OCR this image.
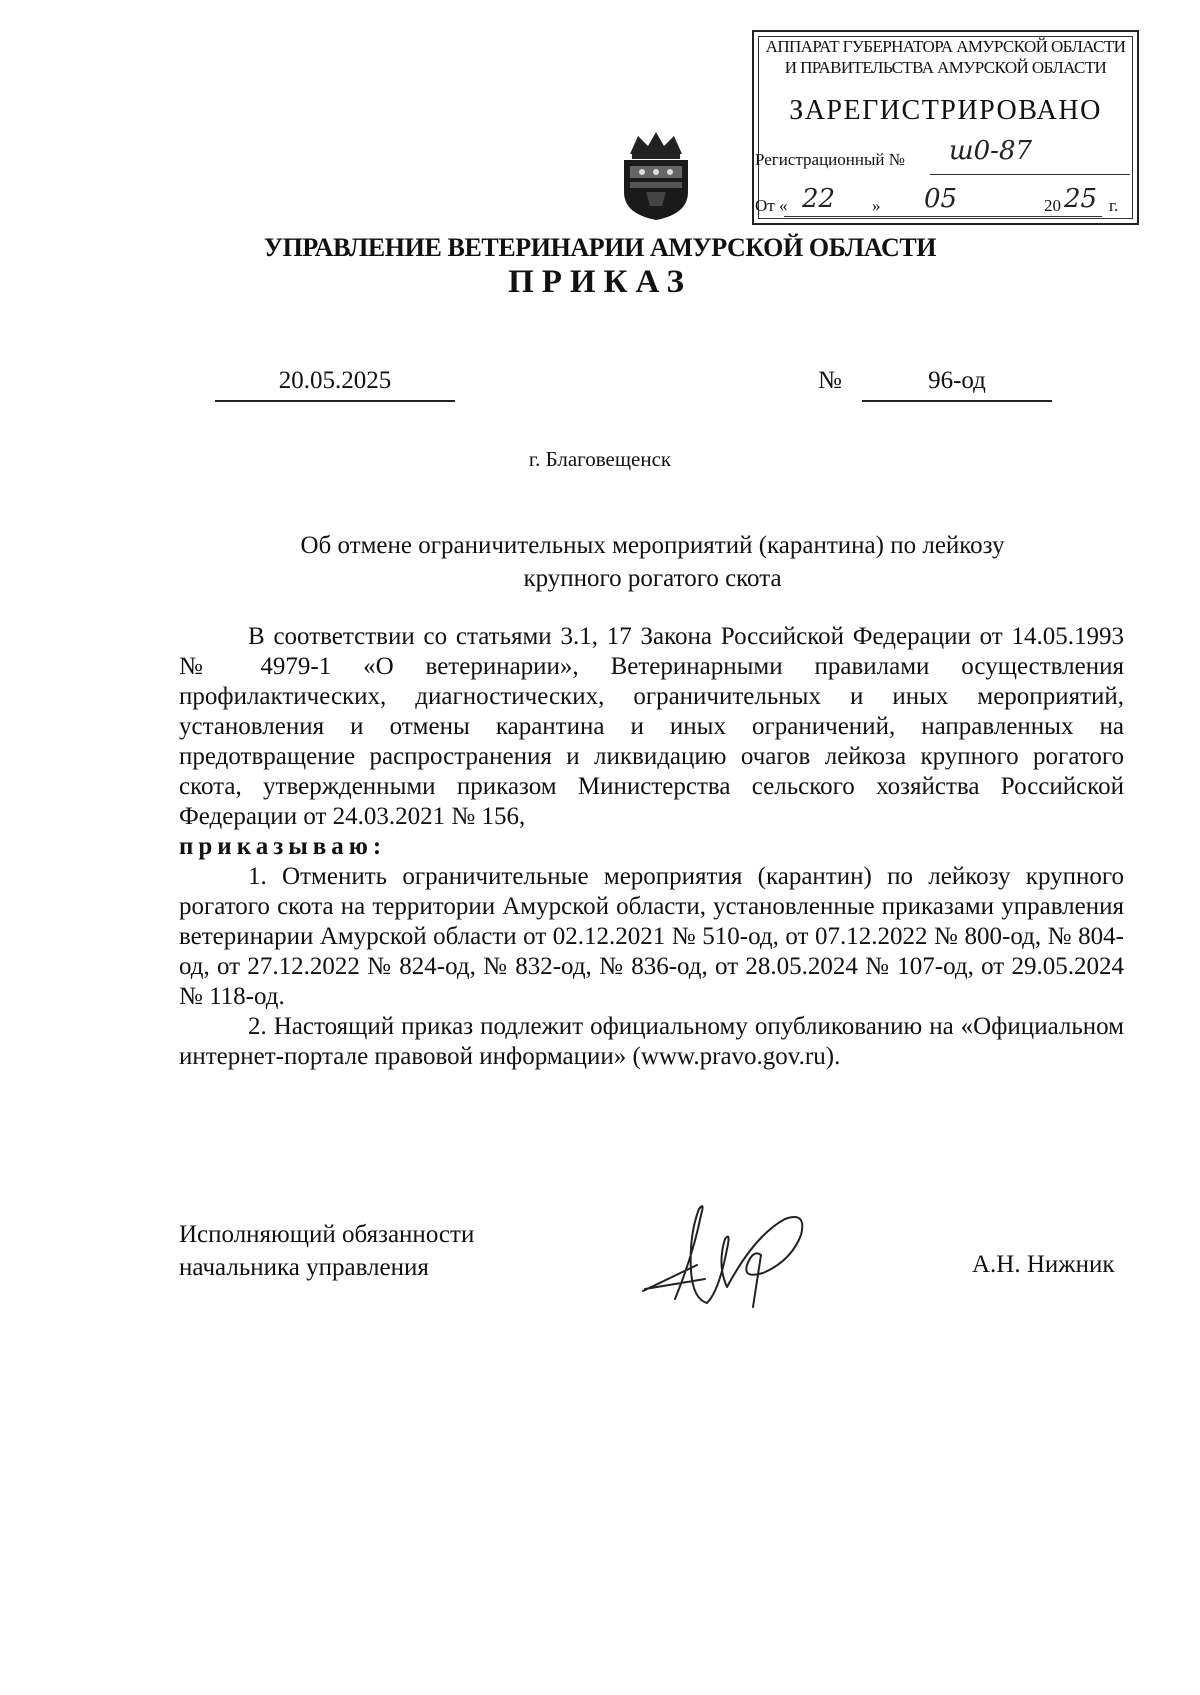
АППАРАТ ГУБЕРНАТОРА АМУРСКОЙ ОБЛАСТИ
И ПРАВИТЕЛЬСТВА АМУРСКОЙ ОБЛАСТИ
ЗАРЕГИСТРИРОВАНО
Регистрационный № ш0-87
От « 22 » 05	20 25 г.
УПРАВЛЕНИЕ ВЕТЕРИНАРИИ АМУРСКОЙ ОБЛАСТИ
ПРИКАЗ
20.05.2025	№	96-од
г. Благовещенск
Об отмене ограничительных мероприятий (карантина) по лейкозу
крупного рогатого скота

В соответствии со статьями 3.1, 17 Закона Российской Федерации от 14.05.1993 № 4979-1 «О ветеринарии», Ветеринарными правилами осуществления профилактических, диагностических, ограничительных и иных мероприятий, установления и отмены карантина и иных ограничений, направленных на предотвращение распространения и ликвидацию очагов лейкоза крупного рогатого скота, утвержденными приказом Министерства сельского хозяйства Российской Федерации от 24.03.2021 № 156,

приказываю:

1. Отменить ограничительные мероприятия (карантин) по лейкозу крупного рогатого скота на территории Амурской области, установленные приказами управления ветеринарии Амурской области от 02.12.2021 № 510-од, от 07.12.2022 № 800-од, № 804-од, от 27.12.2022 № 824-од, № 832-од, № 836-од, от 28.05.2024 № 107-од, от 29.05.2024 № 118-од.

2. Настоящий приказ подлежит официальному опубликованию на «Официальном интернет-портале правовой информации» (www.pravo.gov.ru).

Исполняющий обязанности
начальника управления	А.Н. Нижник
